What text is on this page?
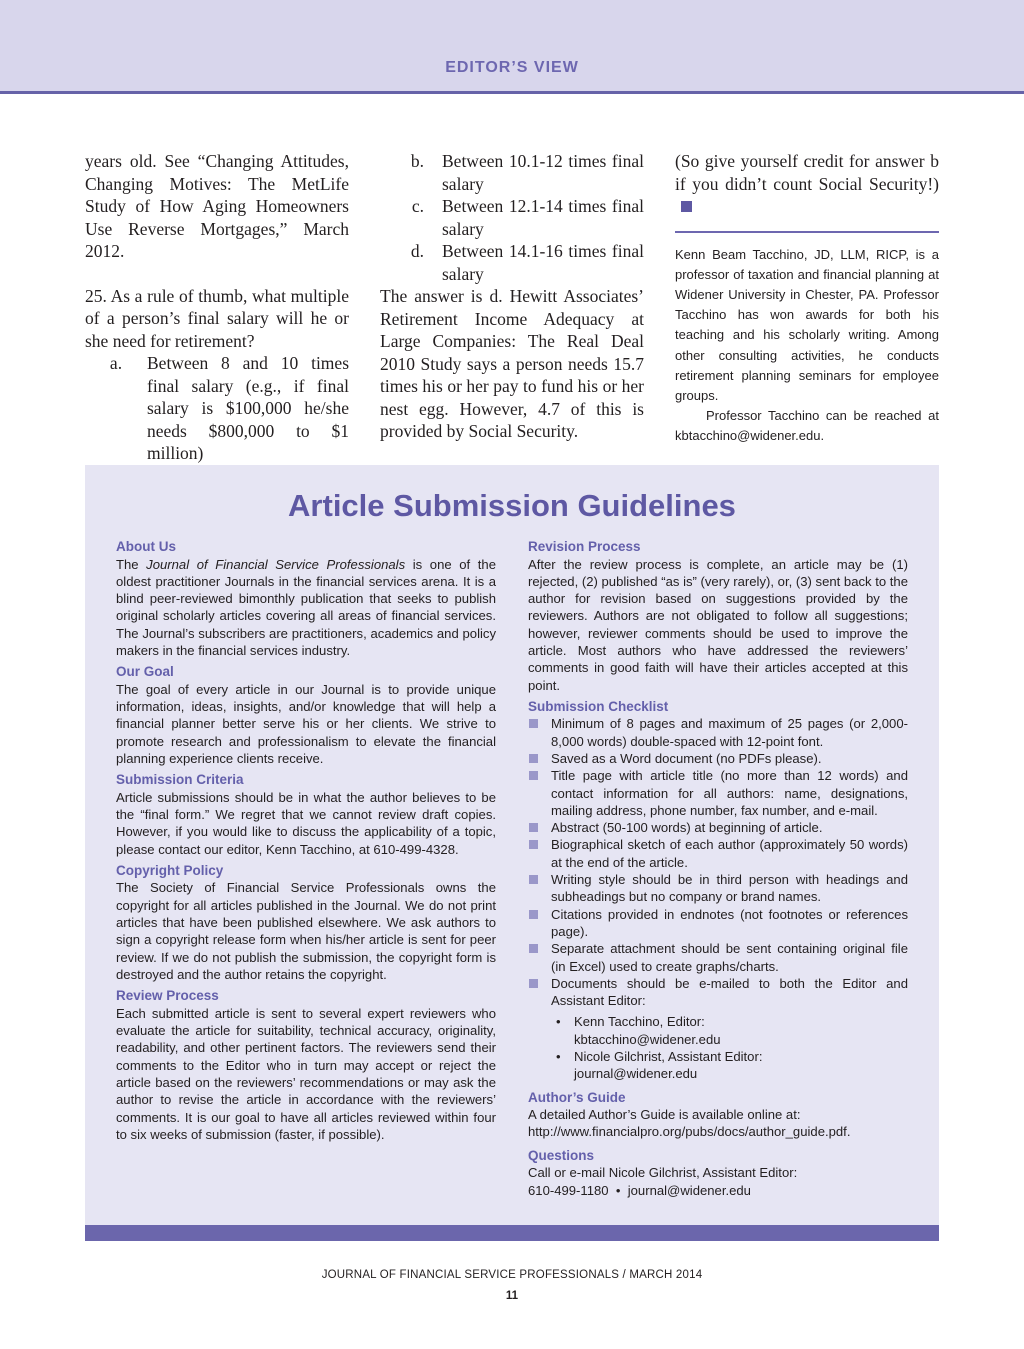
EDITOR’S VIEW

years old. See “Changing Attitudes, Changing Motives: The MetLife Study of How Aging Homeowners Use Reverse Mortgages,” March 2012.

25. As a rule of thumb, what multiple of a person’s final salary will he or she need for retirement?

a.	Between 8 and 10 times final salary (e.g., if final salary is $100,000 he/she needs $800,000 to $1 million)
b.	Between 10.1-12 times final salary
c.	Between 12.1-14 times final salary
d.	Between 14.1-16 times final salary

The answer is d. Hewitt Associates’ Retirement Income Adequacy at Large Companies: The Real Deal 2010 Study says a person needs 15.7 times his or her pay to fund his or her nest egg. However, 4.7 of this is provided by Social Security.

(So give yourself credit for answer b if you didn’t count Social Security!)

Kenn Beam Tacchino, JD, LLM, RICP, is a professor of taxation and financial planning at Widener University in Chester, PA. Professor Tacchino has won awards for both his teaching and his scholarly writing. Among other consulting activities, he conducts retirement planning seminars for employee groups.

Professor Tacchino can be reached at kbtacchino@widener.edu.

Article Submission Guidelines
About Us

The Journal of Financial Service Professionals is one of the oldest practitioner Journals in the financial services arena. It is a blind peer-reviewed bimonthly publication that seeks to publish original scholarly articles covering all areas of financial services. The Journal’s subscribers are practitioners, academics and policy makers in the financial services industry.

Our Goal

The goal of every article in our Journal is to provide unique information, ideas, insights, and/or knowledge that will help a financial planner better serve his or her clients. We strive to promote research and professionalism to elevate the financial planning experience clients receive.

Submission Criteria

Article submissions should be in what the author believes to be the “final form.” We regret that we cannot review draft copies. However, if you would like to discuss the applicability of a topic, please contact our editor, Kenn Tacchino, at 610-499-4328.

Copyright Policy

The Society of Financial Service Professionals owns the copyright for all articles published in the Journal. We do not print articles that have been published elsewhere. We ask authors to sign a copyright release form when his/her article is sent for peer review. If we do not publish the submission, the copyright form is destroyed and the author retains the copyright.

Review Process

Each submitted article is sent to several expert reviewers who evaluate the article for suitability, technical accuracy, originality, readability, and other pertinent factors. The reviewers send their comments to the Editor who in turn may accept or reject the article based on the reviewers’ recommendations or may ask the author to revise the article in accordance with the reviewers’ comments. It is our goal to have all articles reviewed within four to six weeks of submission (faster, if possible).

Revision Process

After the review process is complete, an article may be (1) rejected, (2) published “as is” (very rarely), or, (3) sent back to the author for revision based on suggestions provided by the reviewers. Authors are not obligated to follow all suggestions; however, reviewer comments should be used to improve the article. Most authors who have addressed the reviewers’ comments in good faith will have their articles accepted at this point.

Submission Checklist
Minimum of 8 pages and maximum of 25 pages (or 2,000-8,000 words) double-spaced with 12-point font.
Saved as a Word document (no PDFs please).
Title page with article title (no more than 12 words) and contact information for all authors: name, designations, mailing address, phone number, fax number, and e-mail.
Abstract (50-100 words) at beginning of article.
Biographical sketch of each author (approximately 50 words) at the end of the article.
Writing style should be in third person with headings and subheadings but no company or brand names.
Citations provided in endnotes (not footnotes or references page).
Separate attachment should be sent containing original file (in Excel) used to create graphs/charts.
Documents should be e-mailed to both the Editor and Assistant Editor:
• Kenn Tacchino, Editor:
kbtacchino@widener.edu
• Nicole Gilchrist, Assistant Editor:
journal@widener.edu
Author’s Guide

A detailed Author’s Guide is available online at:

http://www.financialpro.org/pubs/docs/author_guide.pdf.

Questions

Call or e-mail Nicole Gilchrist, Assistant Editor:

610-499-1180 • journal@widener.edu

JOURNAL OF FINANCIAL SERVICE PROFESSIONALS / MARCH 2014
11
